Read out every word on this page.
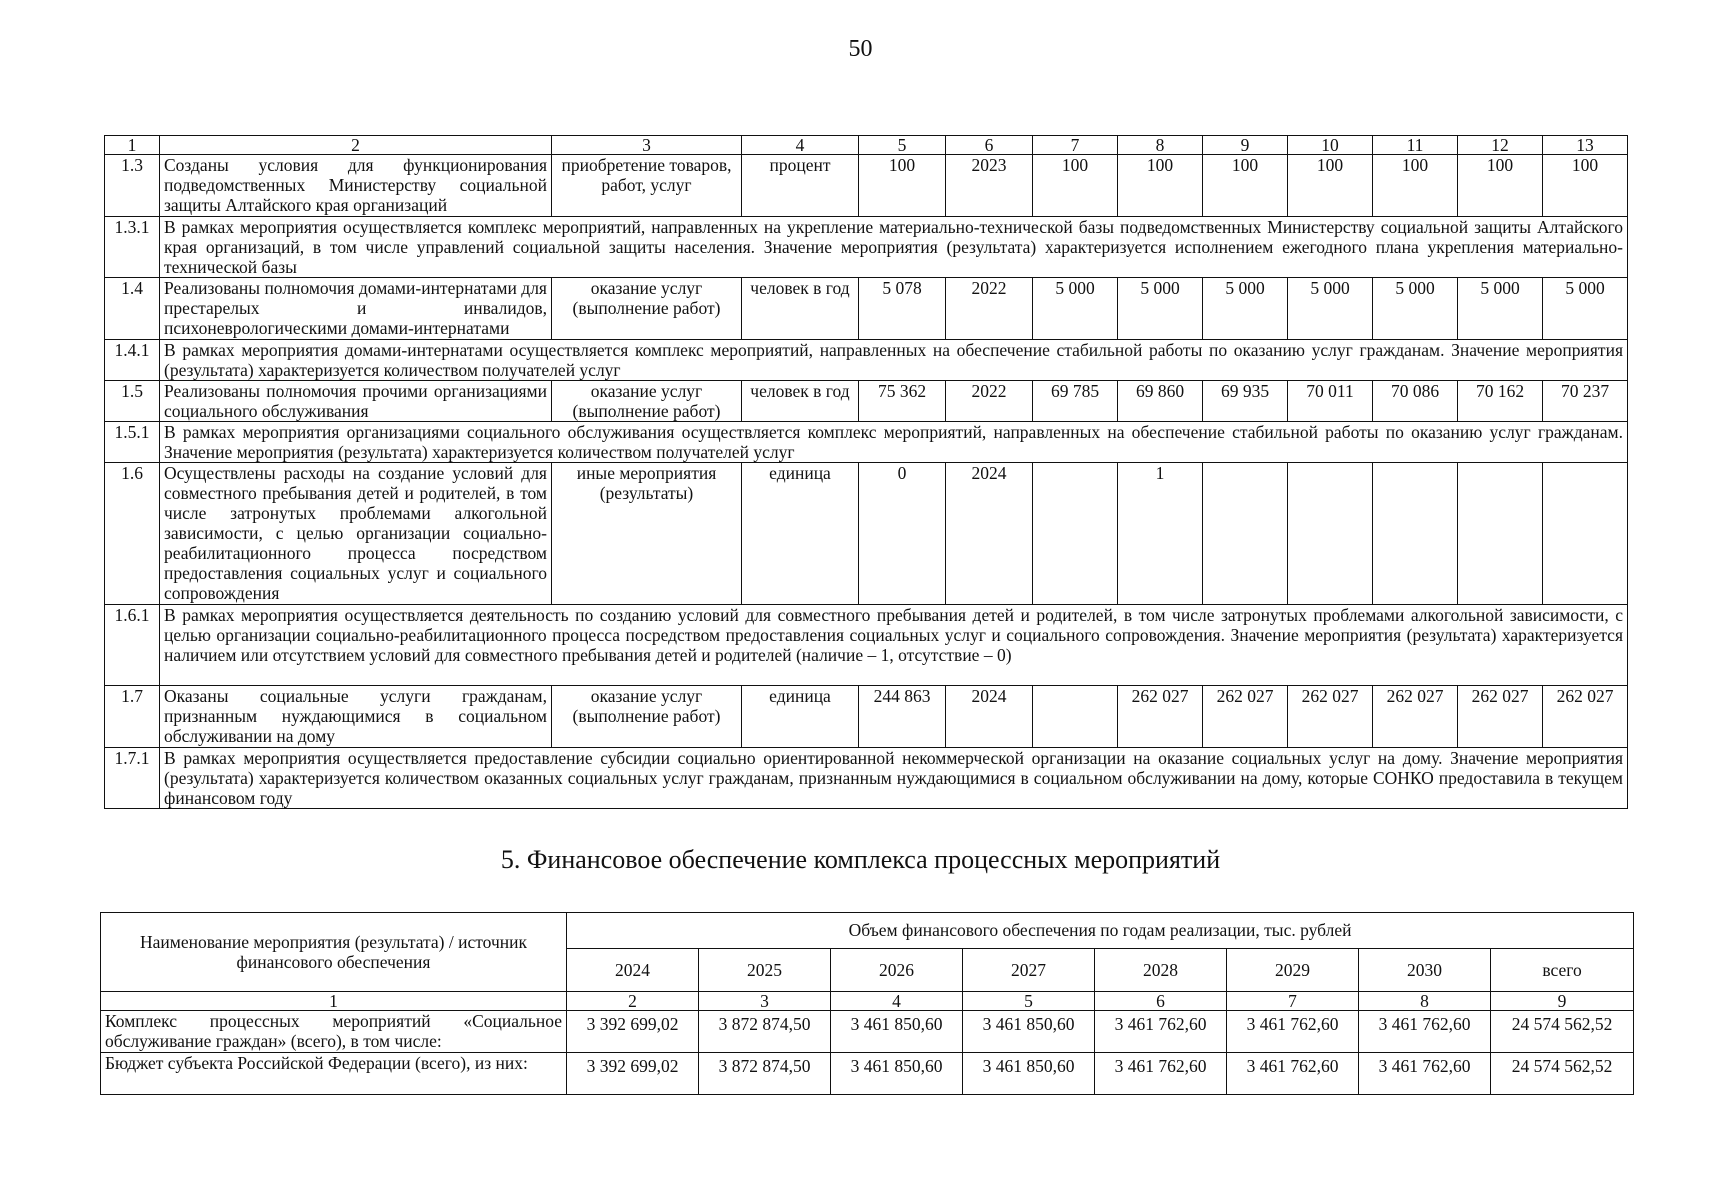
50
1	2	3	4	5	6	7	8	9	10	11	12	13
1.3	Созданы условия для функционирования подведомственных Министерству социальной защиты Алтайского края организаций	приобретение товаров, работ, услуг	процент	100	2023	100	100	100	100	100	100	100
1.3.1	В рамках мероприятия осуществляется комплекс мероприятий, направленных на укрепление материально-технической базы подведомственных Министерству социальной защиты Алтайского края организаций, в том числе управлений социальной защиты населения. Значение мероприятия (результата) характеризуется исполнением ежегодного плана укрепления материально-технической базы											
1.4	Реализованы полномочия домами-интернатами для престарелых и инвалидов, психоневрологическими домами-интернатами	оказание услуг (выполнение работ)	человек в год	5 078	2022	5 000	5 000	5 000	5 000	5 000	5 000	5 000
1.4.1	В рамках мероприятия домами-интернатами осуществляется комплекс мероприятий, направленных на обеспечение стабильной работы по оказанию услуг гражданам. Значение мероприятия (результата) характеризуется количеством получателей услуг											
1.5	Реализованы полномочия прочими организациями социального обслуживания	оказание услуг (выполнение работ)	человек в год	75 362	2022	69 785	69 860	69 935	70 011	70 086	70 162	70 237
1.5.1	В рамках мероприятия организациями социального обслуживания осуществляется комплекс мероприятий, направленных на обеспечение стабильной работы по оказанию услуг гражданам. Значение мероприятия (результата) характеризуется количеством получателей услуг											
1.6	Осуществлены расходы на создание условий для совместного пребывания детей и родителей, в том числе затронутых проблемами алкогольной зависимости, с целью организации социально-реабилитационного процесса посредством предоставления социальных услуг и социального сопровождения	иные мероприятия (результаты)	единица	0	2024		1					
1.6.1	В рамках мероприятия осуществляется деятельность по созданию условий для совместного пребывания детей и родителей, в том числе затронутых проблемами алкогольной зависимости, с целью организации социально-реабилитационного процесса посредством предоставления социальных услуг и социального сопровождения. Значение мероприятия (результата) характеризуется наличием или отсутствием условий для совместного пребывания детей и родителей (наличие – 1, отсутствие – 0)											
1.7	Оказаны социальные услуги гражданам, признанным нуждающимися в социальном обслуживании на дому	оказание услуг (выполнение работ)	единица	244 863	2024		262 027	262 027	262 027	262 027	262 027	262 027
1.7.1	В рамках мероприятия осуществляется предоставление субсидии социально ориентированной некоммерческой организации на оказание социальных услуг на дому. Значение мероприятия (результата) характеризуется количеством оказанных социальных услуг гражданам, признанным нуждающимися в социальном обслуживании на дому, которые СОНКО предоставила в текущем финансовом году											
5. Финансовое обеспечение комплекса процессных мероприятий
Наименование мероприятия (результата) / источник финансового обеспечения	Объем финансового обеспечения по годам реализации, тыс. рублей							
	2024	2025	2026	2027	2028	2029	2030	всего
1	2	3	4	5	6	7	8	9
Комплекс процессных мероприятий «Социальное обслуживание граждан» (всего), в том числе:	3 392 699,02	3 872 874,50	3 461 850,60	3 461 850,60	3 461 762,60	3 461 762,60	3 461 762,60	24 574 562,52
Бюджет субъекта Российской Федерации (всего), из них:	3 392 699,02	3 872 874,50	3 461 850,60	3 461 850,60	3 461 762,60	3 461 762,60	3 461 762,60	24 574 562,52
